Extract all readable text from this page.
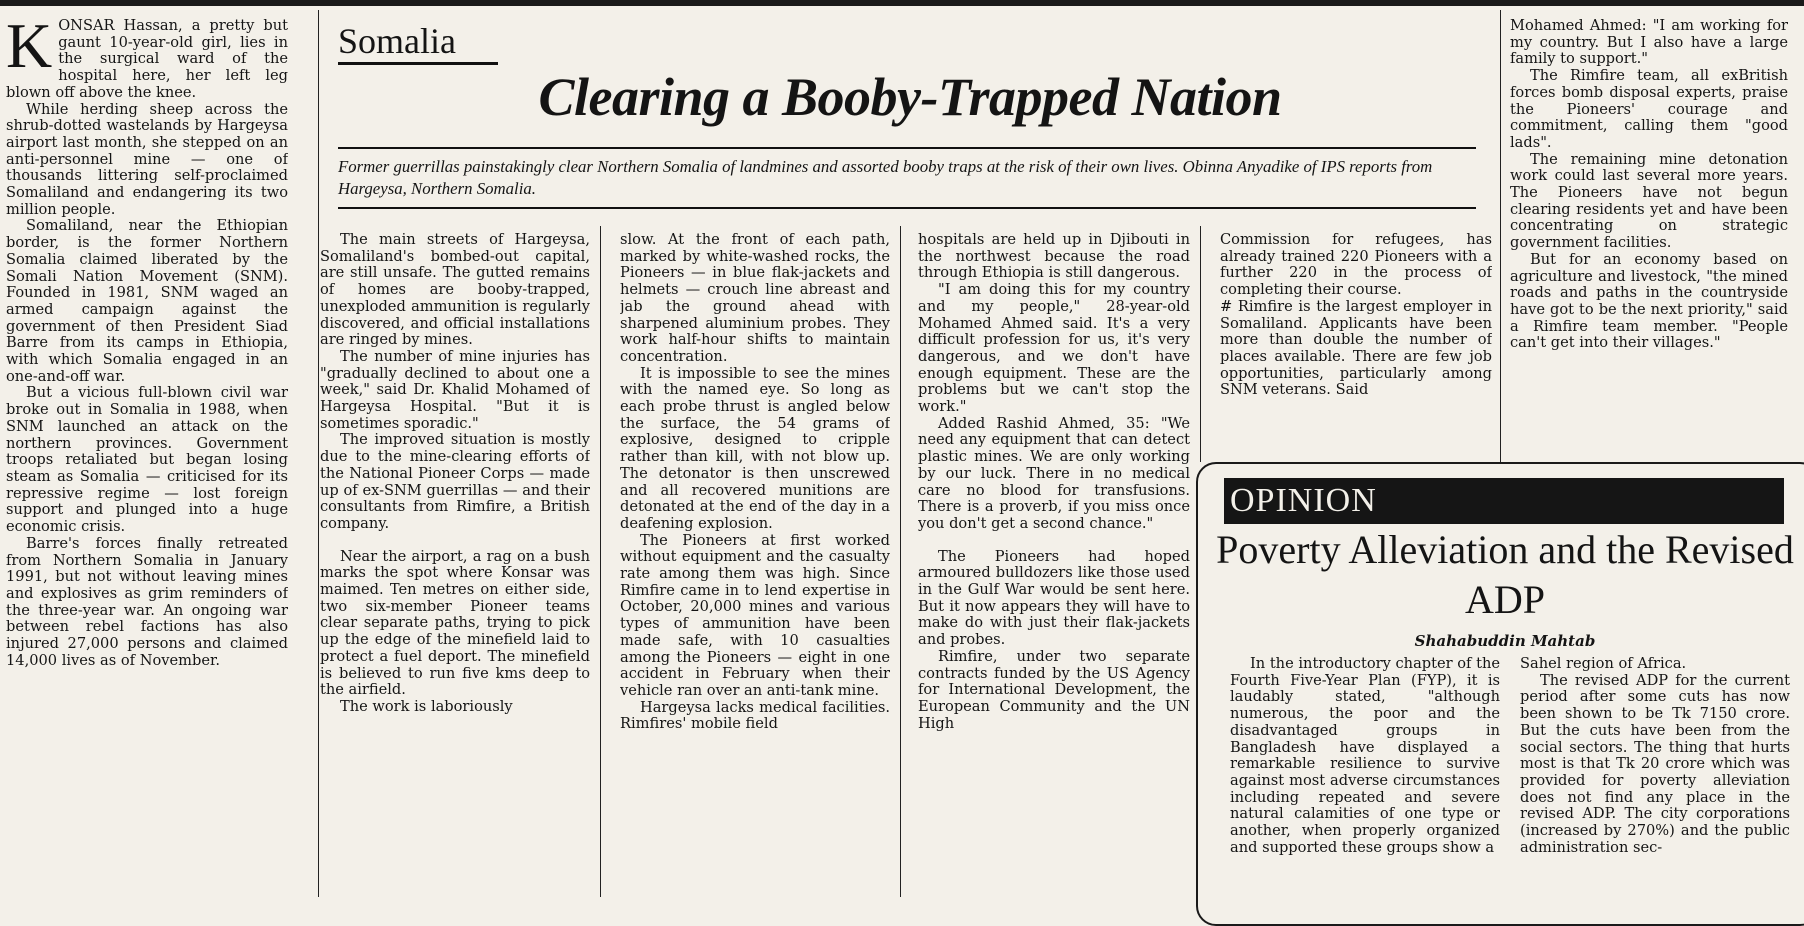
KONSAR Hassan, a pretty but gaunt 10-year-old girl, lies in the surgical ward of the hospital here, her left leg blown off above the knee.

While herding sheep across the shrub-dotted wastelands by Hargeysa airport last month, she stepped on an anti-personnel mine — one of thousands littering self-proclaimed Somaliland and endangering its two million people.

Somaliland, near the Ethiopian border, is the former Northern Somalia claimed liberated by the Somali Nation Movement (SNM). Founded in 1981, SNM waged an armed campaign against the government of then President Siad Barre from its camps in Ethiopia, with which Somalia engaged in an one-and-off war.

But a vicious full-blown civil war broke out in Somalia in 1988, when SNM launched an attack on the northern provinces. Government troops retaliated but began losing steam as Somalia — criticised for its repressive regime — lost foreign support and plunged into a huge economic crisis.

Barre's forces finally retreated from Northern Somalia in January 1991, but not without leaving mines and explosives as grim reminders of the three-year war. An ongoing war between rebel factions has also injured 27,000 persons and claimed 14,000 lives as of November.

Somalia
Clearing a Booby-Trapped Nation
Former guerrillas painstakingly clear Northern Somalia of landmines and assorted booby traps at the risk of their own lives. Obinna Anyadike of IPS reports from Hargeysa, Northern Somalia.

The main streets of Hargeysa, Somaliland's bombed-out capital, are still unsafe. The gutted remains of homes are booby-trapped, unexploded ammunition is regularly discovered, and official installations are ringed by mines.

The number of mine injuries has "gradually declined to about one a week," said Dr. Khalid Mohamed of Hargeysa Hospital. "But it is sometimes sporadic."

The improved situation is mostly due to the mine-clearing efforts of the National Pioneer Corps — made up of ex-SNM guerrillas — and their consultants from Rimfire, a British company.

Near the airport, a rag on a bush marks the spot where Konsar was maimed. Ten metres on either side, two six-member Pioneer teams clear separate paths, trying to pick up the edge of the minefield laid to protect a fuel deport. The minefield is believed to run five kms deep to the airfield.

The work is laboriously

slow. At the front of each path, marked by white-washed rocks, the Pioneers — in blue flak-jackets and helmets — crouch line abreast and jab the ground ahead with sharpened aluminium probes. They work half-hour shifts to maintain concentration.

It is impossible to see the mines with the named eye. So long as each probe thrust is angled below the surface, the 54 grams of explosive, designed to cripple rather than kill, with not blow up. The detonator is then unscrewed and all recovered munitions are detonated at the end of the day in a deafening explosion.

The Pioneers at first worked without equipment and the casualty rate among them was high. Since Rimfire came in to lend expertise in October, 20,000 mines and various types of ammunition have been made safe, with 10 casualties among the Pioneers — eight in one accident in February when their vehicle ran over an anti-tank mine.

Hargeysa lacks medical facilities. Rimfires' mobile field

hospitals are held up in Djibouti in the northwest because the road through Ethiopia is still dangerous.

"I am doing this for my country and my people," 28-year-old Mohamed Ahmed said. It's a very difficult profession for us, it's very dangerous, and we don't have enough equipment. These are the problems but we can't stop the work."

Added Rashid Ahmed, 35: "We need any equipment that can detect plastic mines. We are only working by our luck. There in no medical care no blood for transfusions. There is a proverb, if you miss once you don't get a second chance."

The Pioneers had hoped armoured bulldozers like those used in the Gulf War would be sent here. But it now appears they will have to make do with just their flak-jackets and probes.

Rimfire, under two separate contracts funded by the US Agency for International Development, the European Community and the UN High

Commission for refugees, has already trained 220 Pioneers with a further 220 in the process of completing their course.

# Rimfire is the largest employer in Somaliland. Applicants have been more than double the number of places available. There are few job opportunities, particularly among SNM veterans. Said

Mohamed Ahmed: "I am working for my country. But I also have a large family to support."

The Rimfire team, all exBritish forces bomb disposal experts, praise the Pioneers' courage and commitment, calling them "good lads".

The remaining mine detonation work could last several more years. The Pioneers have not begun clearing residents yet and have been concentrating on strategic government facilities.

But for an economy based on agriculture and livestock, "the mined roads and paths in the countryside have got to be the next priority," said a Rimfire team member. "People can't get into their villages."

OPINION
Poverty Alleviation and the Revised ADP
Shahabuddin Mahtab

In the introductory chapter of the Fourth Five-Year Plan (FYP), it is laudably stated, "although numerous, the poor and the disadvantaged groups in Bangladesh have displayed a remarkable resilience to survive against most adverse circumstances including repeated and severe natural calamities of one type or another, when properly organized and supported these groups show a

Sahel region of Africa.

The revised ADP for the current period after some cuts has now been shown to be Tk 7150 crore. But the cuts have been from the social sectors. The thing that hurts most is that Tk 20 crore which was provided for poverty alleviation does not find any place in the revised ADP. The city corporations (increased by 270%) and the public administration sec-
